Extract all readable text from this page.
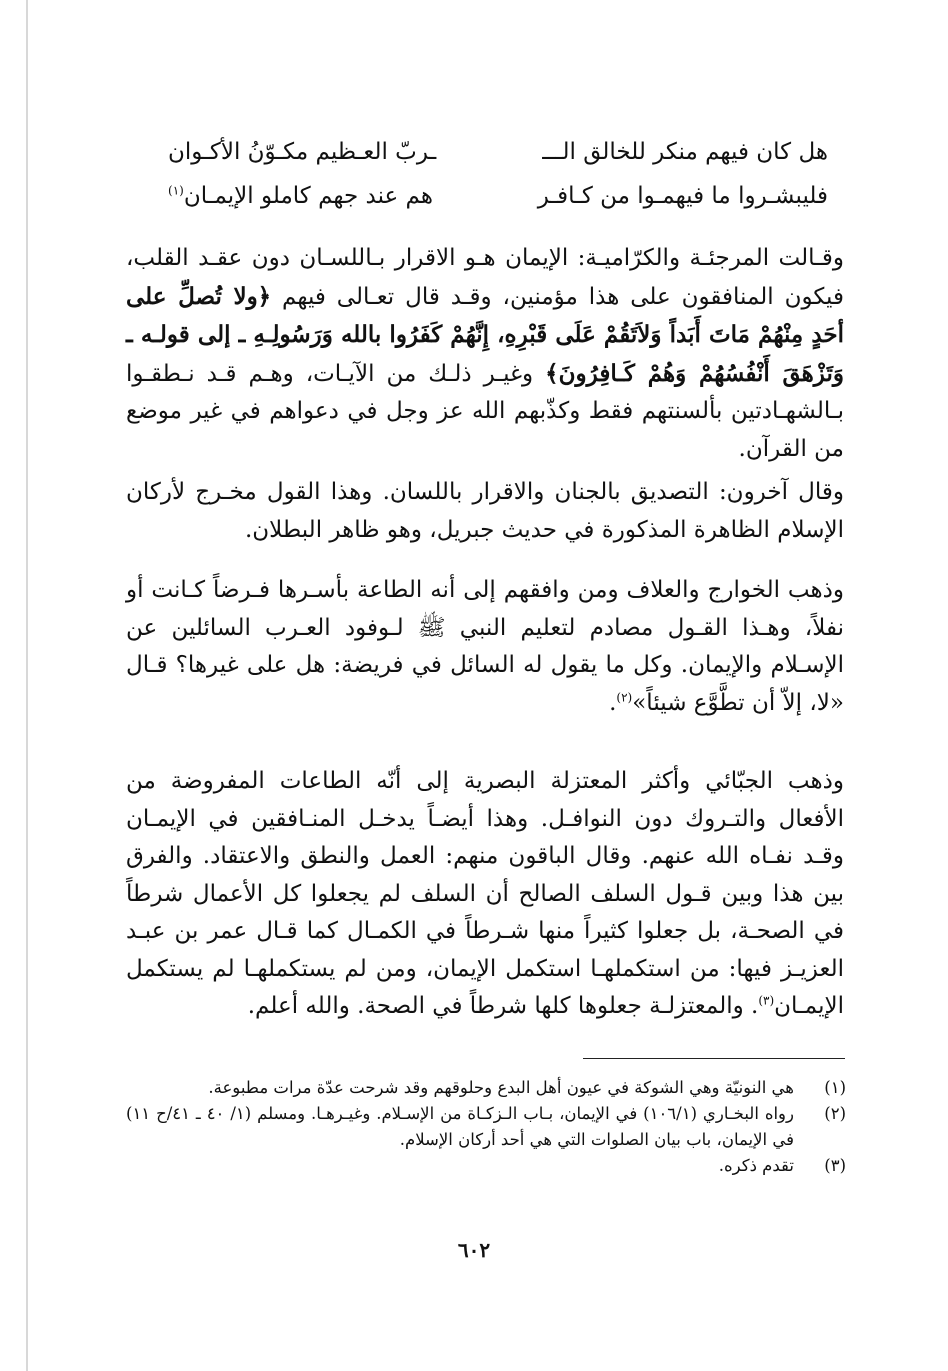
هل كان فيهم منكر للخالق الـــ
ـربّ العـظيم مكـوّنُ الأكـوان
فليبشـروا ما فيهمـوا من كـافـر
هم عند جهم كاملو الإيمـان$^{(١)}$
وقـالت المرجئـة والكرّاميـة: الإيمان هـو الاقرار بـاللسـان دون عقـد القلب، فيكون المنافقون على هذا مؤمنين، وقـد قال تعـالى فيهم ﴿ولا تُصلِّ على أحَدٍ مِنْهُمْ مَاتَ أَبَداً وَلاَتَقُمْ عَلَى قَبْرِهِ، إِنَّهُمْ كَفَرُوا بالله وَرَسُولِـهِ ـ إلى قولـه ـ وَتَزْهَقَ أَنْفُسُهُمْ وَهُمْ كَـافِرُونَ﴾ وغيـر ذلـك من الآيـات، وهـم قـد نـطقـوا بـالشهـادتين بألسنتهم فقط وكذّبهم الله عز وجل في دعواهم في غير موضع من القرآن.
وقال آخرون: التصديق بالجنان والاقرار باللسان. وهذا القول مخـرج لأركان الإسلام الظاهرة المذكورة في حديث جبريل، وهو ظاهر البطلان.
وذهب الخوارج والعلاف ومن وافقهم إلى أنه الطاعة بأسـرها فـرضاً كـانت أو نفلاً، وهـذا القـول مصادم لتعليم النبي ﷺ لـوفود العـرب السائلين عن الإسـلام والإيمان. وكل ما يقول له السائل في فريضة: هل على غيرها؟ قـال «لا، إلاّ أن تطَّوَّع شيئاً»$^{(٢)}$.
وذهب الجبّائي وأكثر المعتزلة البصرية إلى أنّه الطاعات المفروضة من الأفعال والتـروك دون النوافـل. وهذا أيضـاً يدخـل المنـافقين في الإيمـان وقـد نفـاه الله عنهم. وقال الباقون منهم: العمل والنطق والاعتقاد. والفرق بين هذا وبين قـول السلف الصالح أن السلف لم يجعلوا كل الأعمال شرطاً في الصحـة، بل جعلوا كثيراً منها شـرطاً في الكمـال كما قـال عمر بن عبـد العزيـز فيها: من استكملهـا استكمل الإيمان، ومن لم يستكملهـا لم يستكمل الإيمـان$^{(٣)}$. والمعتزلـة جعلوها كلها شرطاً في الصحة. والله أعلم.
(١)
هي النونيّة وهي الشوكة في عيون أهل البدع وحلوقهم وقد شرحت عدّة مرات مطبوعة.
(٢)
رواه البخـاري (١٠٦/١) في الإيمان، بـاب الـزكـاة من الإسـلام. وغيـرهـا. ومسلم (١/ ٤٠ ـ ٤١/ح ١١) في الإيمان، باب بيان الصلوات التي هي أحد أركان الإسلام.
(٣)
تقدم ذكره.
٦٠٢
